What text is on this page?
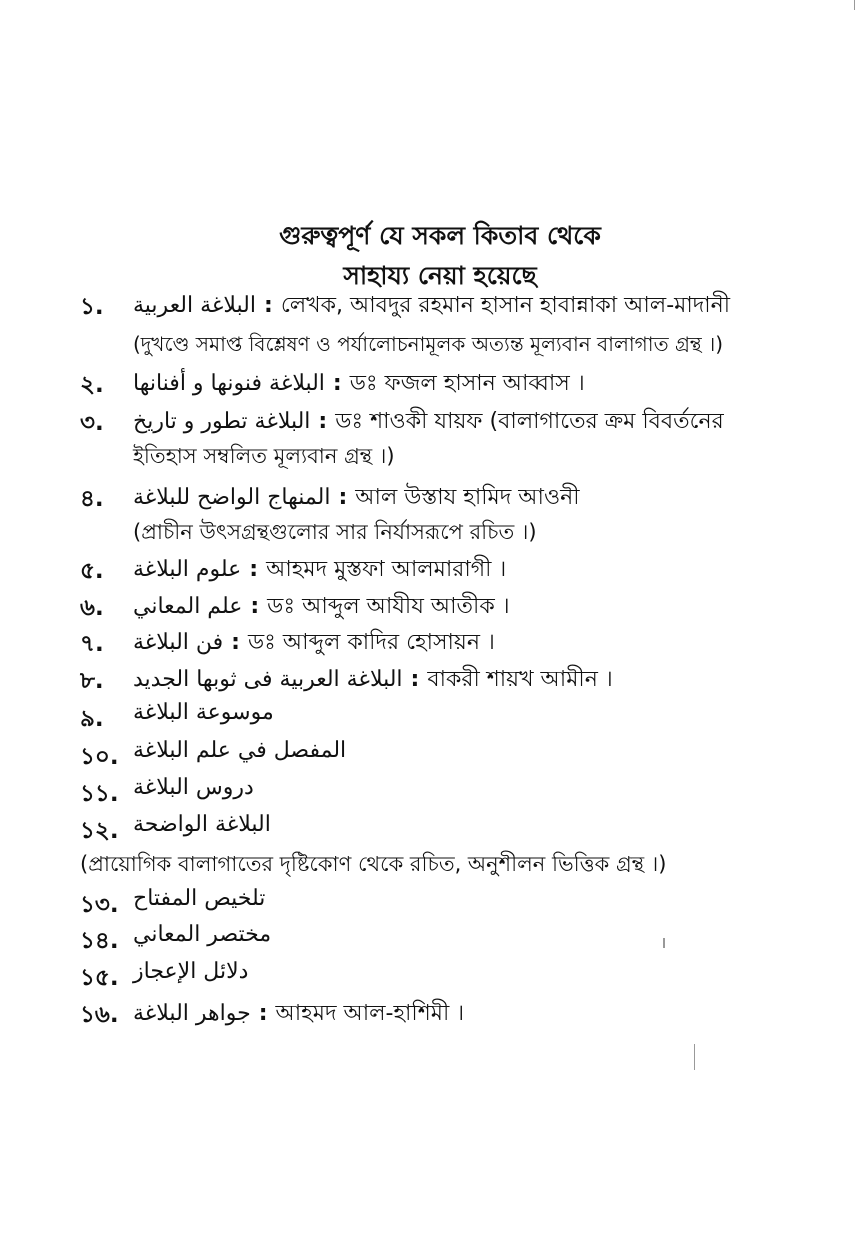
গুরুত্বপূর্ণ যে সকল কিতাব থেকে
সাহায্য নেয়া হয়েছে
১. البلاغة العربية : লেখক, আবদুর রহমান হাসান হাবান্নাকা আল-মাদানী
(দুখণ্ডে সমাপ্ত বিশ্লেষণ ও পর্যালোচনামূলক অত্যন্ত মূল্যবান বালাগাত গ্রন্থ ।)
২. البلاغة فنونها و أفنانها : ডঃ ফজল হাসান আব্বাস ।
৩. البلاغة تطور و تاريخ : ডঃ শাওকী যায়ফ (বালাগাতের ক্রম বিবর্তনের
ইতিহাস সম্বলিত মূল্যবান গ্রন্থ ।)
৪. المنهاج الواضح للبلاغة : আল উস্তায হামিদ আওনী
(প্রাচীন উৎসগ্রন্থগুলোর সার নির্যাসরূপে রচিত ।)
৫. علوم البلاغة : আহমদ মুস্তফা আলমারাগী ।
৬. علم المعاني : ডঃ আব্দুল আযীয আতীক ।
৭. فن البلاغة : ডঃ আব্দুল কাদির হোসায়ন ।
৮. البلاغة العربية فى ثوبها الجديد : বাকরী শায়খ আমীন ।
৯. موسوعة البلاغة
১০. المفصل في علم البلاغة
১১. دروس البلاغة
১২. البلاغة الواضحة
(প্রায়োগিক বালাগাতের দৃষ্টিকোণ থেকে রচিত, অনুশীলন ভিত্তিক গ্রন্থ ।)
১৩. تلخيص المفتاح
১৪. مختصر المعاني
১৫. دلائل الإعجاز
১৬. جواهر البلاغة : আহমদ আল-হাশিমী ।
